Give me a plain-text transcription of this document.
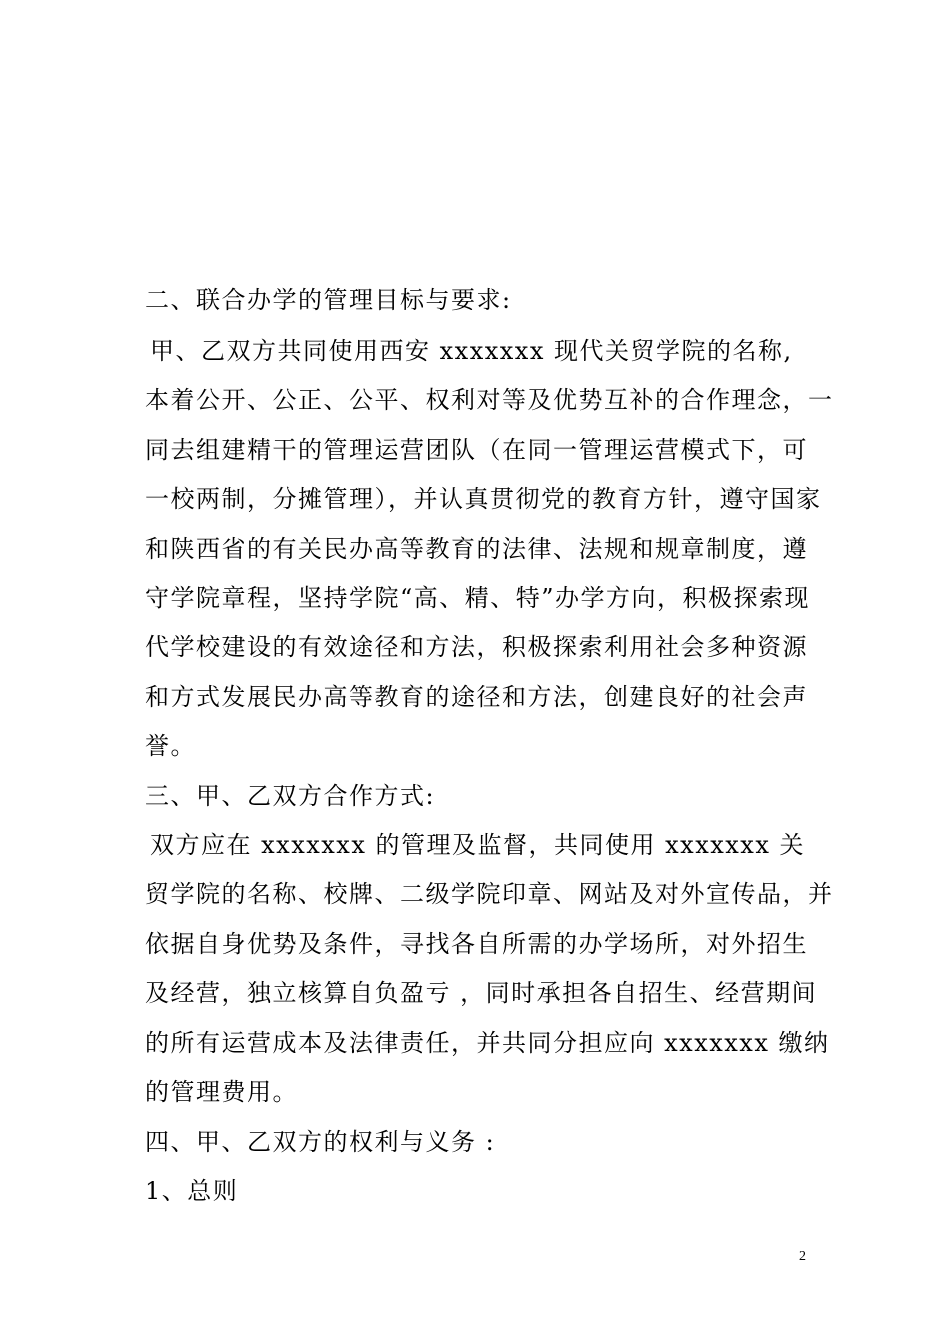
二、联合办学的管理目标与要求:
甲、乙双方共同使用西安 xxxxxxx 现代关贸学院的名称,
本着公开、公正、公平、权利对等及优势互补的合作理念，一
同去组建精干的管理运营团队（在同一管理运营模式下，可
一校两制，分摊管理），并认真贯彻党的教育方针，遵守国家
和陕西省的有关民办高等教育的法律、法规和规章制度，遵
守学院章程，坚持学院“高、精、特”办学方向，积极探索现
代学校建设的有效途径和方法，积极探索利用社会多种资源
和方式发展民办高等教育的途径和方法，创建良好的社会声
誉。
三、甲、乙双方合作方式:
双方应在 xxxxxxx 的管理及监督，共同使用 xxxxxxx 关
贸学院的名称、校牌、二级学院印章、网站及对外宣传品，并
依据自身优势及条件，寻找各自所需的办学场所，对外招生
及经营，独立核算自负盈亏 ，同时承担各自招生、经营期间
的所有运营成本及法律责任，并共同分担应向 xxxxxxx 缴纳
的管理费用。
四、甲、乙双方的权利与义务 :
1、总则
2
